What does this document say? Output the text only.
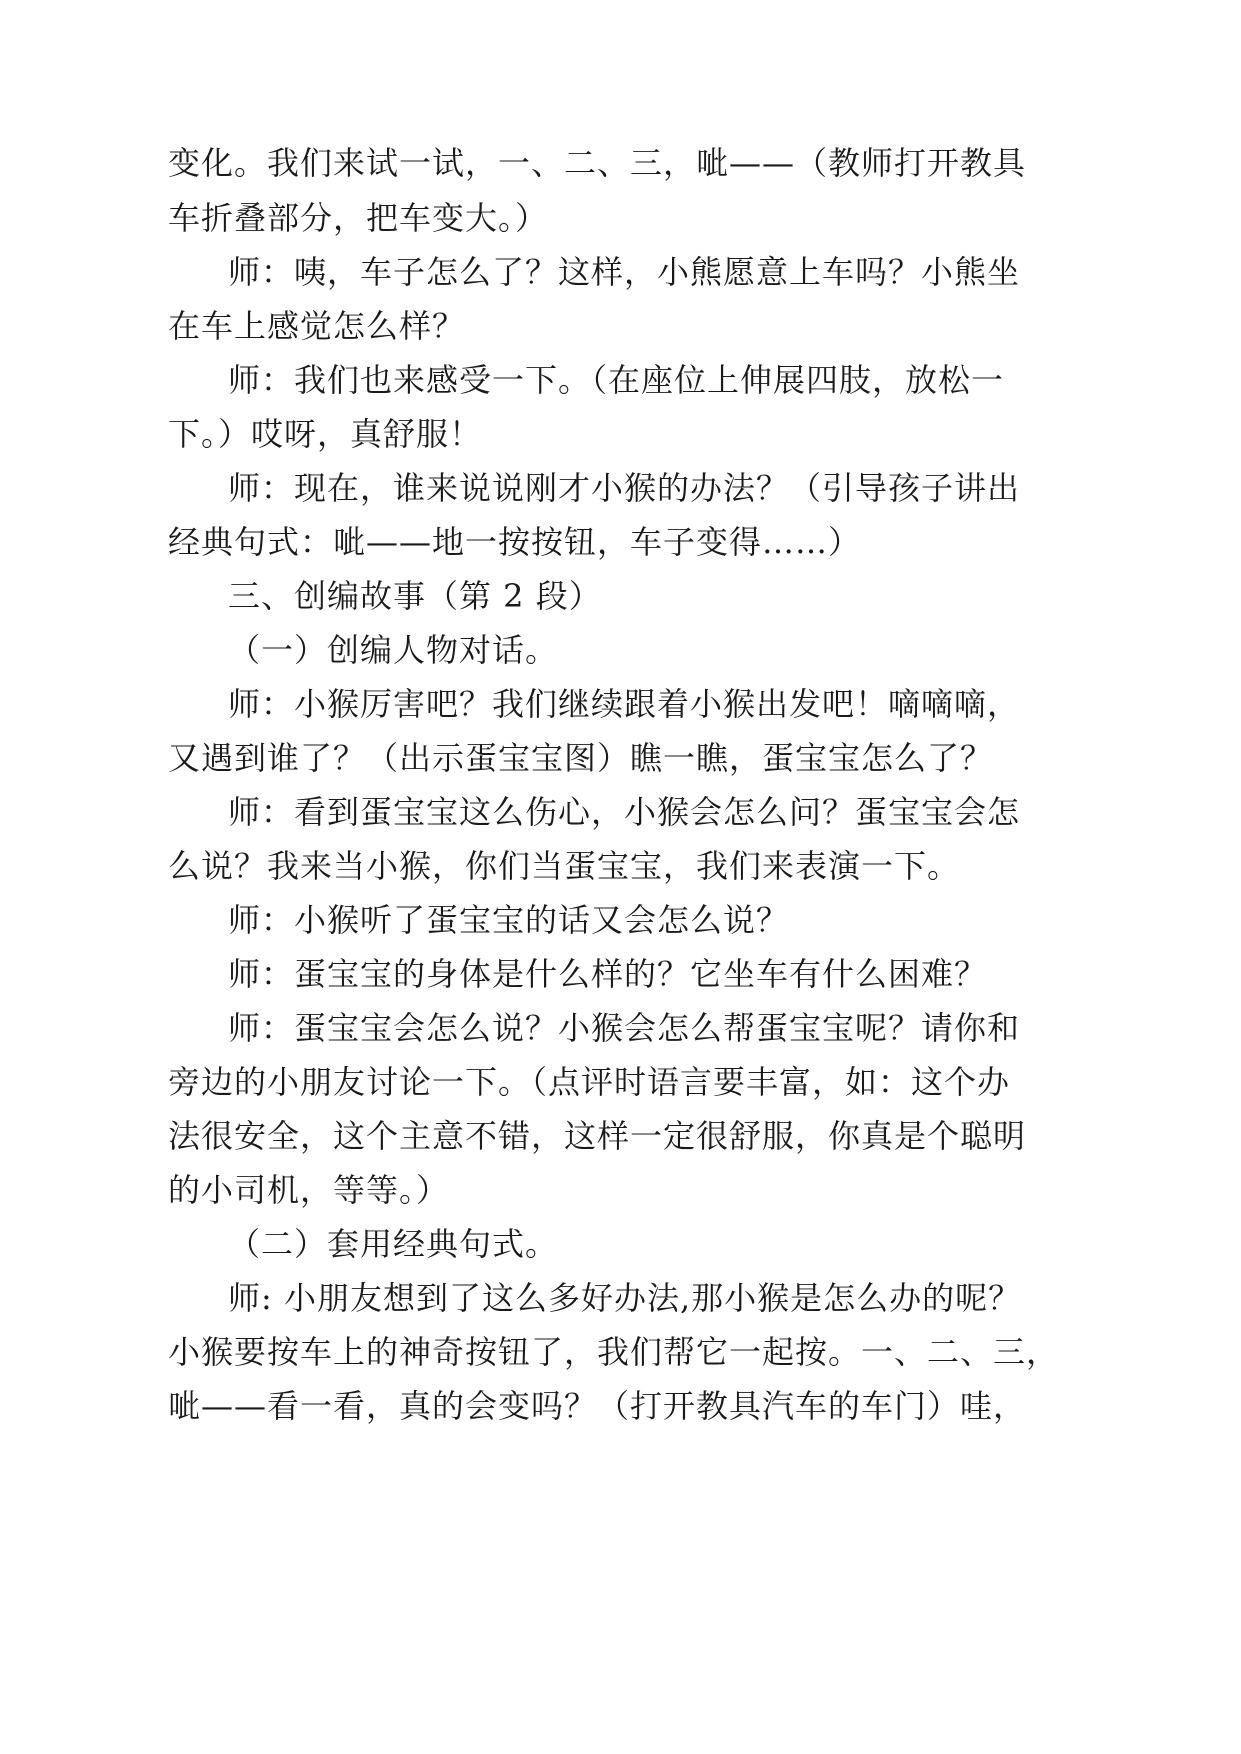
变化。我们来试一试，一、二、三，呲——（教师打开教具
车折叠部分，把车变大。）
师：咦，车子怎么了？这样，小熊愿意上车吗？小熊坐
在车上感觉怎么样？
师：我们也来感受一下。（在座位上伸展四肢，放松一
下。）哎呀，真舒服！
师：现在，谁来说说刚才小猴的办法？（引导孩子讲出
经典句式：呲——地一按按钮，车子变得……）
三、创编故事（第 2 段）
（一）创编人物对话。
师：小猴厉害吧？我们继续跟着小猴出发吧！嘀嘀嘀，
又遇到谁了？（出示蛋宝宝图）瞧一瞧，蛋宝宝怎么了？
师：看到蛋宝宝这么伤心，小猴会怎么问？蛋宝宝会怎
么说？我来当小猴，你们当蛋宝宝，我们来表演一下。
师：小猴听了蛋宝宝的话又会怎么说？
师：蛋宝宝的身体是什么样的？它坐车有什么困难？
师：蛋宝宝会怎么说？小猴会怎么帮蛋宝宝呢？请你和
旁边的小朋友讨论一下。（点评时语言要丰富，如：这个办
法很安全，这个主意不错，这样一定很舒服，你真是个聪明
的小司机，等等。）
（二）套用经典句式。
师: 小朋友想到了这么多好办法,那小猴是怎么办的呢？
小猴要按车上的神奇按钮了，我们帮它一起按。一、二、三，
呲——看一看，真的会变吗？（打开教具汽车的车门）哇，
